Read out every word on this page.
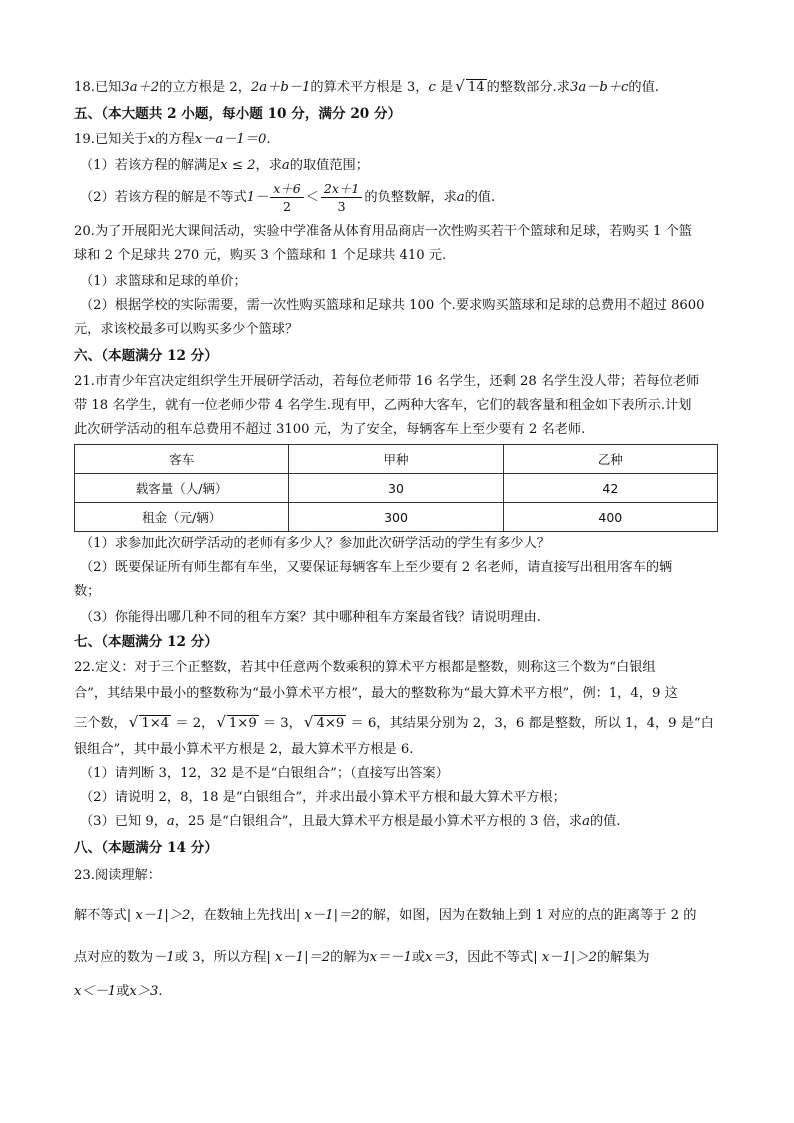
18.已知3a＋2的立方根是 2，2a＋b－1的算术平方根是 3，c 是 √ 14 的整数部分.求3a－b＋c的值.
五、（本大题共 2 小题，每小题 10 分，满分 20 分）
19.已知关于x的方程x－a－1＝0.
（1）若该方程的解满足x ≤ 2，求a的取值范围；
（2）若该方程的解是不等式$1- \frac{x+6}{2} < \frac{2x+1}{3}$ 的负整数解，求a的值.
20.为了开展阳光大课间活动，实验中学准备从体育用品商店一次性购买若干个篮球和足球，若购买 1 个篮
球和 2 个足球共 270 元，购买 3 个篮球和 1 个足球共 410 元.
（1）求篮球和足球的单价；
（2）根据学校的实际需要，需一次性购买篮球和足球共 100 个.要求购买篮球和足球的总费用不超过 8600
元，求该校最多可以购买多少个篮球？
六、（本题满分 12 分）
21.市青少年宫决定组织学生开展研学活动，若每位老师带 16 名学生，还剩 28 名学生没人带；若每位老师
带 18 名学生，就有一位老师少带 4 名学生.现有甲，乙两种大客车，它们的载客量和租金如下表所示.计划
此次研学活动的租车总费用不超过 3100 元，为了安全，每辆客车上至少要有 2 名老师.
客车	甲种	乙种
载客量（人/辆）	30	42
租金（元/辆）	300	400
（1）求参加此次研学活动的老师有多少人？参加此次研学活动的学生有多少人？
（2）既要保证所有师生都有车坐，又要保证每辆客车上至少要有 2 名老师，请直接写出租用客车的辆
数；
（3）你能得出哪几种不同的租车方案？其中哪种租车方案最省钱？请说明理由.
七、（本题满分 12 分）
22.定义：对于三个正整数，若其中任意两个数乘积的算术平方根都是整数，则称这三个数为“白银组
合”，其结果中最小的整数称为“最小算术平方根”，最大的整数称为“最大算术平方根”，例：1，4，9 这
三个数， √ 1×4 ＝ 2， √ 1×9 ＝ 3， √ 4×9 ＝ 6，其结果分别为 2，3，6 都是整数，所以 1，4，9 是“白
银组合”，其中最小算术平方根是 2，最大算术平方根是 6.
（1）请判断 3，12，32 是不是“白银组合”；（直接写出答案）
（2）请说明 2，8，18 是“白银组合”，并求出最小算术平方根和最大算术平方根；
（3）已知 9，a，25 是“白银组合”，且最大算术平方根是最小算术平方根的 3 倍，求a的值.
八、（本题满分 14 分）
23.阅读理解：
解不等式| x－1|＞2，在数轴上先找出| x－1|＝2的解，如图，因为在数轴上到 1 对应的点的距离等于 2 的
点对应的数为－1或 3，所以方程| x－1|＝2的解为x＝－1或x＝3，因此不等式| x－1|＞2的解集为
x＜－1或x＞3.
